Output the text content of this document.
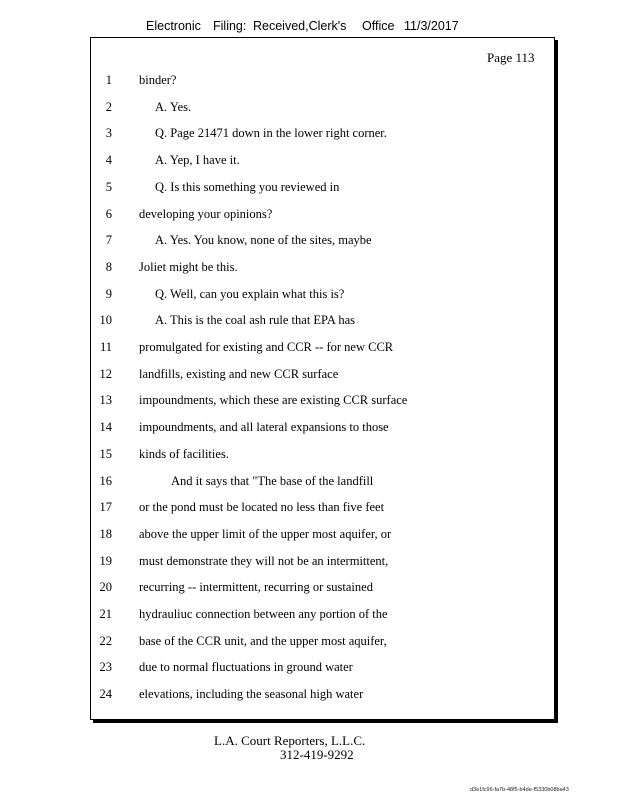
Electronic Filing: Received,Clerk's Office 11/3/2017
Page 113
1 binder?
2	A. Yes.
3	Q. Page 21471 down in the lower right corner.
4	A. Yep, I have it.
5	Q. Is this something you reviewed in
6 developing your opinions?
7	A. Yes. You know, none of the sites, maybe
8 Joliet might be this.
9	Q. Well, can you explain what this is?
10	A. This is the coal ash rule that EPA has
11 promulgated for existing and CCR -- for new CCR
12 landfills, existing and new CCR surface
13 impoundments, which these are existing CCR surface
14 impoundments, and all lateral expansions to those
15 kinds of facilities.
16	And it says that "The base of the landfill
17 or the pond must be located no less than five feet
18 above the upper limit of the upper most aquifer, or
19 must demonstrate they will not be an intermittent,
20 recurring -- intermittent, recurring or sustained
21 hydrauliuc connection between any portion of the
22 base of the CCR unit, and the upper most aquifer,
23 due to normal fluctuations in ground water
24 elevations, including the seasonal high water
L.A. Court Reporters, L.L.C.
312-419-9292
d3e1fc96-fa7b-48f5-b4de-f5330b08ba43
